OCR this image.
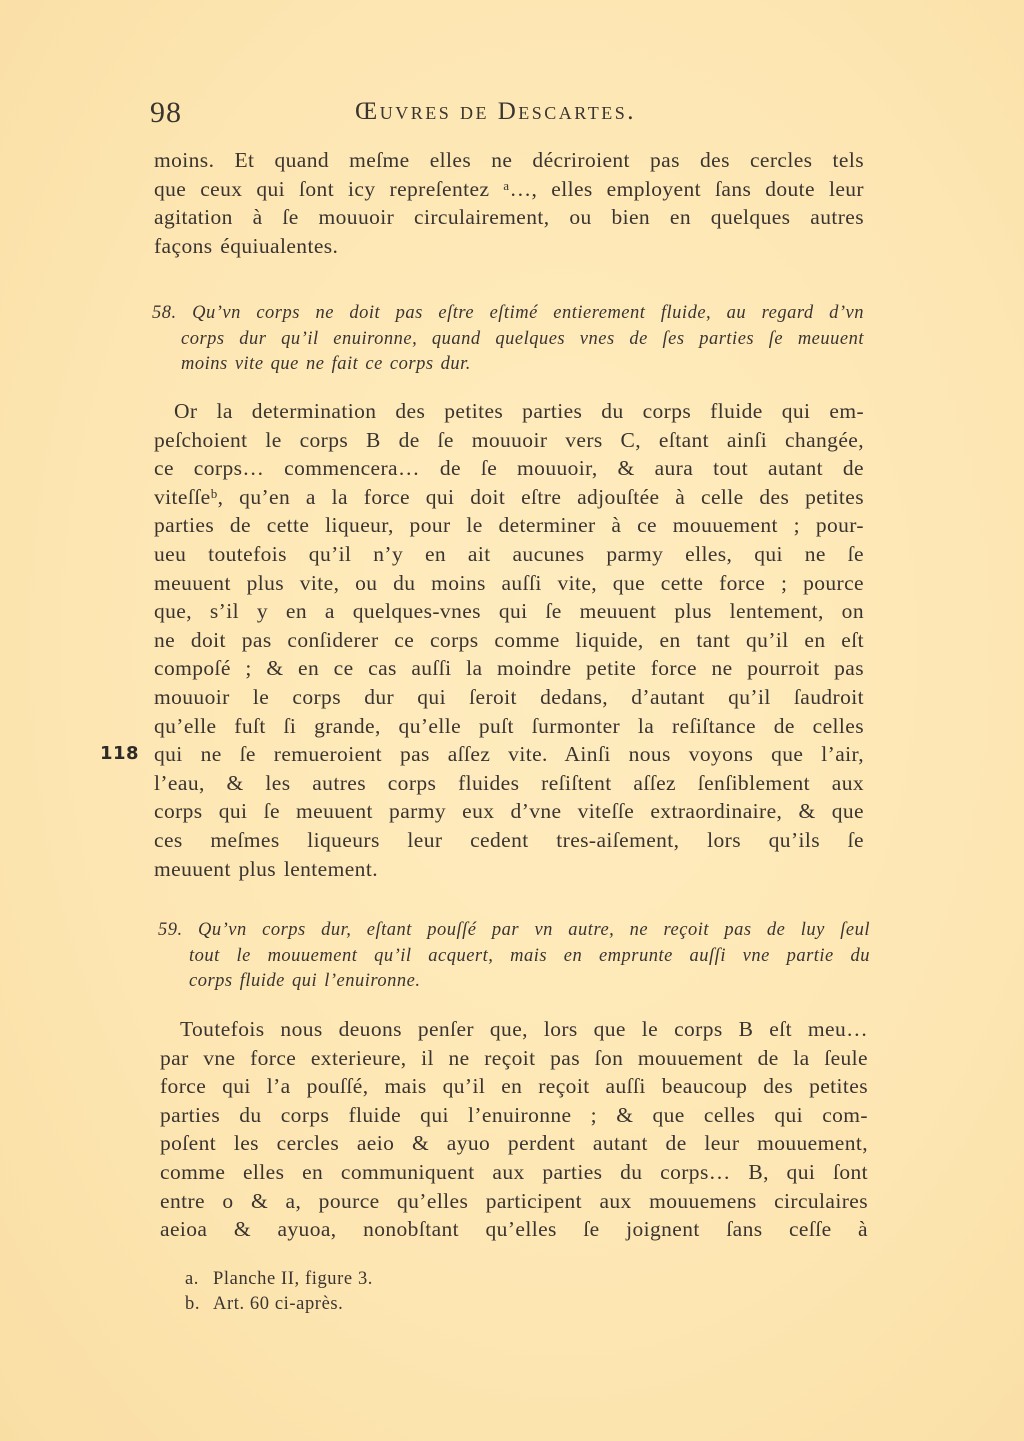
98	Œuvres de Descartes.
moins. Et quand meſme elles ne décriroient pas des cercles tels
que ceux qui ſont icy repreſentez ᵃ…, elles employent ſans doute leur
agitation à ſe mouuoir circulairement, ou bien en quelques autres
façons équiualentes.
58. Qu’vn corps ne doit pas eſtre eſtimé entierement fluide, au regard d’vn
corps dur qu’il enuironne, quand quelques vnes de ſes parties ſe meuuent
moins vite que ne fait ce corps dur.
Or la determination des petites parties du corps fluide qui em-
peſchoient le corps B de ſe mouuoir vers C, eſtant ainſi changée,
ce corps… commencera… de ſe mouuoir, & aura tout autant de
viteſſeᵇ, qu’en a la force qui doit eſtre adjouſtée à celle des petites
parties de cette liqueur, pour le determiner à ce mouuement ; pour-
ueu toutefois qu’il n’y en ait aucunes parmy elles, qui ne ſe
meuuent plus vite, ou du moins auſſi vite, que cette force ; pource
que, s’il y en a quelques-vnes qui ſe meuuent plus lentement, on
ne doit pas conſiderer ce corps comme liquide, en tant qu’il en eſt
compoſé ; & en ce cas auſſi la moindre petite force ne pourroit pas
mouuoir le corps dur qui ſeroit dedans, d’autant qu’il ſaudroit
qu’elle fuſt ſi grande, qu’elle puſt ſurmonter la reſiſtance de celles
qui ne ſe remueroient pas aſſez vite. Ainſi nous voyons que l’air,
l’eau, & les autres corps fluides reſiſtent aſſez ſenſiblement aux
corps qui ſe meuuent parmy eux d’vne viteſſe extraordinaire, & que
ces meſmes liqueurs leur cedent tres-aiſement, lors qu’ils ſe
meuuent plus lentement.
118
59. Qu’vn corps dur, eſtant pouſſé par vn autre, ne reçoit pas de luy ſeul
tout le mouuement qu’il acquert, mais en emprunte auſſi vne partie du
corps fluide qui l’enuironne.
Toutefois nous deuons penſer que, lors que le corps B eſt meu…
par vne force exterieure, il ne reçoit pas ſon mouuement de la ſeule
force qui l’a pouſſé, mais qu’il en reçoit auſſi beaucoup des petites
parties du corps fluide qui l’enuironne ; & que celles qui com-
poſent les cercles aeio & ayuo perdent autant de leur mouuement,
comme elles en communiquent aux parties du corps… B, qui ſont
entre o & a, pource qu’elles participent aux mouuemens circulaires
aeioa & ayuoa, nonobſtant qu’elles ſe joignent ſans ceſſe à
a. Planche II, figure 3.
b. Art. 60 ci-après.
